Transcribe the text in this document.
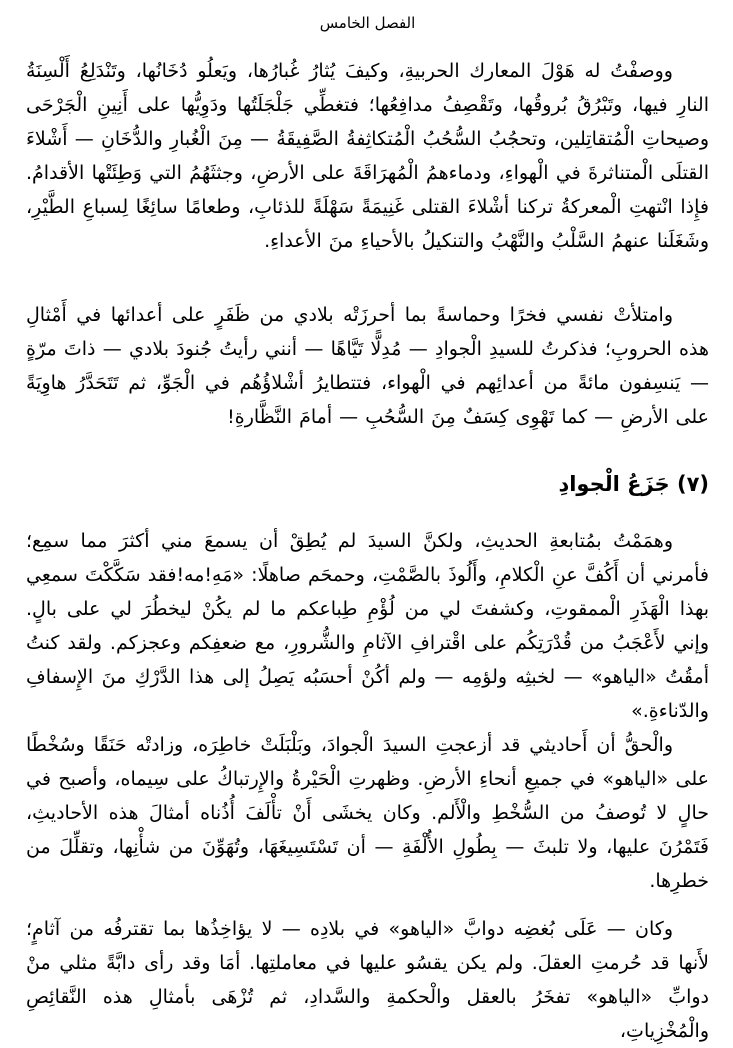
الفصل الخامس

ووصفْتُ له هَوْلَ المعارك الحربيةِ، وكيفَ يُثارُ غُبارُها، ويَعلُو دُخَانُها، وتَنْدَلِعُ أَلْسِنَةُ النارِ فيها، وتَبْرُقُ بُروقُها، وتَقْصِفُ مدافِعُها؛ فتغطِّي جَلْجَلَتُها ودَوِيُّها على أَنِينِ الْجَرْحَى وصيحاتِ الْمُتقاتِلين، وتحجُبُ السُّحُبُ الْمُتكاثِفةُ الصَّفِيقَةُ — مِنَ الْغُبارِ والدُّخَانِ — أَشْلاءَ القتلَى الْمتناثرةَ في الْهواءِ، ودماءهمُ الْمُهرَاقَةَ على الأرضِ، وجثثَهُمُ التي وَطِئَتْها الأقدامُ. فإِذا انْتهتِ الْمعركةُ تركنا أشْلاءَ القتلى غَنِيمَةً سَهْلَةً للذئابِ، وطعامًا سائِغًا لِسباعِ الطَّيْرِ، وشَغَلَنا عنهمُ السَّلْبُ والنَّهْبُ والتنكيلُ بالأحياءِ منَ الأعداءِ.

وامتلأتْ نفسي فخرًا وحماسةً بما أحرزَتْه بلادي من ظَفَرٍ على أعدائها في أَمْثالِ هذه الحروبِ؛ فذكرتُ للسيدِ الْجوادِ — مُدِلًّا تَيَّاهًا — أنني رأيتُ جُنودَ بلادي — ذاتَ مرّةٍ — يَنسِفون مائةً من أعدائِهم في الْهواء، فتتطايرُ أشْلاؤُهُم في الْجَوِّ، ثم تَتَحَدَّرُ هاوِيَةً على الأرضِ — كما تَهْوِى كِسَفٌ مِنَ السُّحُبِ — أمامَ النَّظَّارةِ!

(٧) جَزَعُ الْجوادِ

وهمَمْتُ بمُتابعةِ الحديثِ، ولكنَّ السيدَ لم يُطِقْ أن يسمعَ مني أكثرَ مما سمِع؛ فأمرني أن أَكُفَّ عنِ الْكلامِ، وأَلُوذَ بالصَّمْتِ، وحمحَم صاهلًا: «مَهِ!مه!فقد سَكَّكْتَ سمعِي بهذا الْهَذَرِ الْممقوتِ، وكشفتَ لي من لُؤْمِ طِباعكم ما لم يكُنْ ليخطُرَ لي على بالٍ. وإني لأَعْجَبُ من قُدْرَتِكُم على اقْترافِ الآثامِ والشُّرورِ، مع ضعفِكم وعجزكم. ولقد كنتُ أمقُتُ «الياهو» — لخبثِه ولؤمِه — ولم أكُنْ أحسَبُه يَصِلُ إلى هذا الدَّرْكِ منَ الإِسفافِ والدّناءةِ.»

والْحقُّ أن أَحاديثي قد أزعجتِ السيدَ الْجوادَ، وبَلْبَلَتْ خاطِرَه، وزادتْه حَنَقًا وسُخْطًا على «الياهو» في جميعِ أنحاءِ الأرضِ. وظهرتِ الْحَيْرةُ والإِرتباكُ على سِيماه، وأصبح في حالٍ لا تُوصفُ من السُّخْطِ والْأَلم. وكان يخشَى أَنْ تأْلَفَ أُذُناه أمثالَ هذه الأحاديثِ، فَتَمْرُنَ عليها، ولا تلبثَ — بِطُولِ الأُلْفَةِ — أن تَسْتَسِيغَهَا، وتُهَوِّنَ من شأْنِها، وتقلِّلَ من خطرِها.

وكان — عَلَى بُغضِه دوابَّ «الياهو» في بلادِه — لا يؤاخِذُها بما تقترفُه من آثامٍ؛ لأَنها قد حُرمتِ العقلَ. ولم يكن يقسُو عليها في معاملتِها. أمَا وقد رأى دابَّةً مثلي منْ دوابِّ «الياهو» تفخَرُ بالعقل والْحكمةِ والسَّدادِ، ثم تُزْهَى بأمثالِ هذه النَّقائِصِ والْمُخْزِياتِ،
